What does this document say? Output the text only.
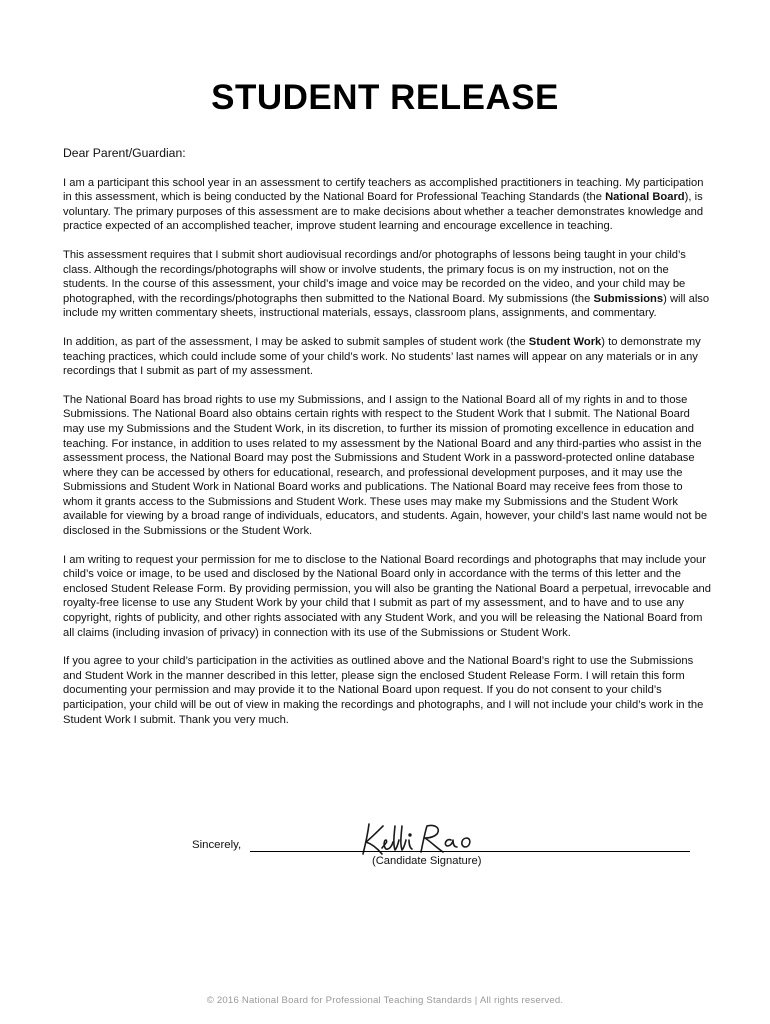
STUDENT RELEASE

Dear Parent/Guardian:

I am a participant this school year in an assessment to certify teachers as accomplished practitioners in teaching. My participation in this assessment, which is being conducted by the National Board for Professional Teaching Standards (the National Board), is voluntary. The primary purposes of this assessment are to make decisions about whether a teacher demonstrates knowledge and practice expected of an accomplished teacher, improve student learning and encourage excellence in teaching.

This assessment requires that I submit short audiovisual recordings and/or photographs of lessons being taught in your child’s class. Although the recordings/photographs will show or involve students, the primary focus is on my instruction, not on the students. In the course of this assessment, your child’s image and voice may be recorded on the video, and your child may be photographed, with the recordings/photographs then submitted to the National Board. My submissions (the Submissions) will also include my written commentary sheets, instructional materials, essays, classroom plans, assignments, and commentary.

In addition, as part of the assessment, I may be asked to submit samples of student work (the Student Work) to demonstrate my teaching practices, which could include some of your child’s work. No students’ last names will appear on any materials or in any recordings that I submit as part of my assessment.

The National Board has broad rights to use my Submissions, and I assign to the National Board all of my rights in and to those Submissions. The National Board also obtains certain rights with respect to the Student Work that I submit. The National Board may use my Submissions and the Student Work, in its discretion, to further its mission of promoting excellence in education and teaching. For instance, in addition to uses related to my assessment by the National Board and any third-parties who assist in the assessment process, the National Board may post the Submissions and Student Work in a password-protected online database where they can be accessed by others for educational, research, and professional development purposes, and it may use the Submissions and Student Work in National Board works and publications. The National Board may receive fees from those to whom it grants access to the Submissions and Student Work. These uses may make my Submissions and the Student Work available for viewing by a broad range of individuals, educators, and students. Again, however, your child’s last name would not be disclosed in the Submissions or the Student Work.

I am writing to request your permission for me to disclose to the National Board recordings and photographs that may include your child’s voice or image, to be used and disclosed by the National Board only in accordance with the terms of this letter and the enclosed Student Release Form. By providing permission, you will also be granting the National Board a perpetual, irrevocable and royalty-free license to use any Student Work by your child that I submit as part of my assessment, and to have and to use any copyright, rights of publicity, and other rights associated with any Student Work, and you will be releasing the National Board from all claims (including invasion of privacy) in connection with its use of the Submissions or Student Work.

If you agree to your child’s participation in the activities as outlined above and the National Board’s right to use the Submissions and Student Work in the manner described in this letter, please sign the enclosed Student Release Form. I will retain this form documenting your permission and may provide it to the National Board upon request. If you do not consent to your child’s participation, your child will be out of view in making the recordings and photographs, and I will not include your child’s work in the Student Work I submit. Thank you very much.

Sincerely,
(Candidate Signature)
© 2016 National Board for Professional Teaching Standards | All rights reserved.
